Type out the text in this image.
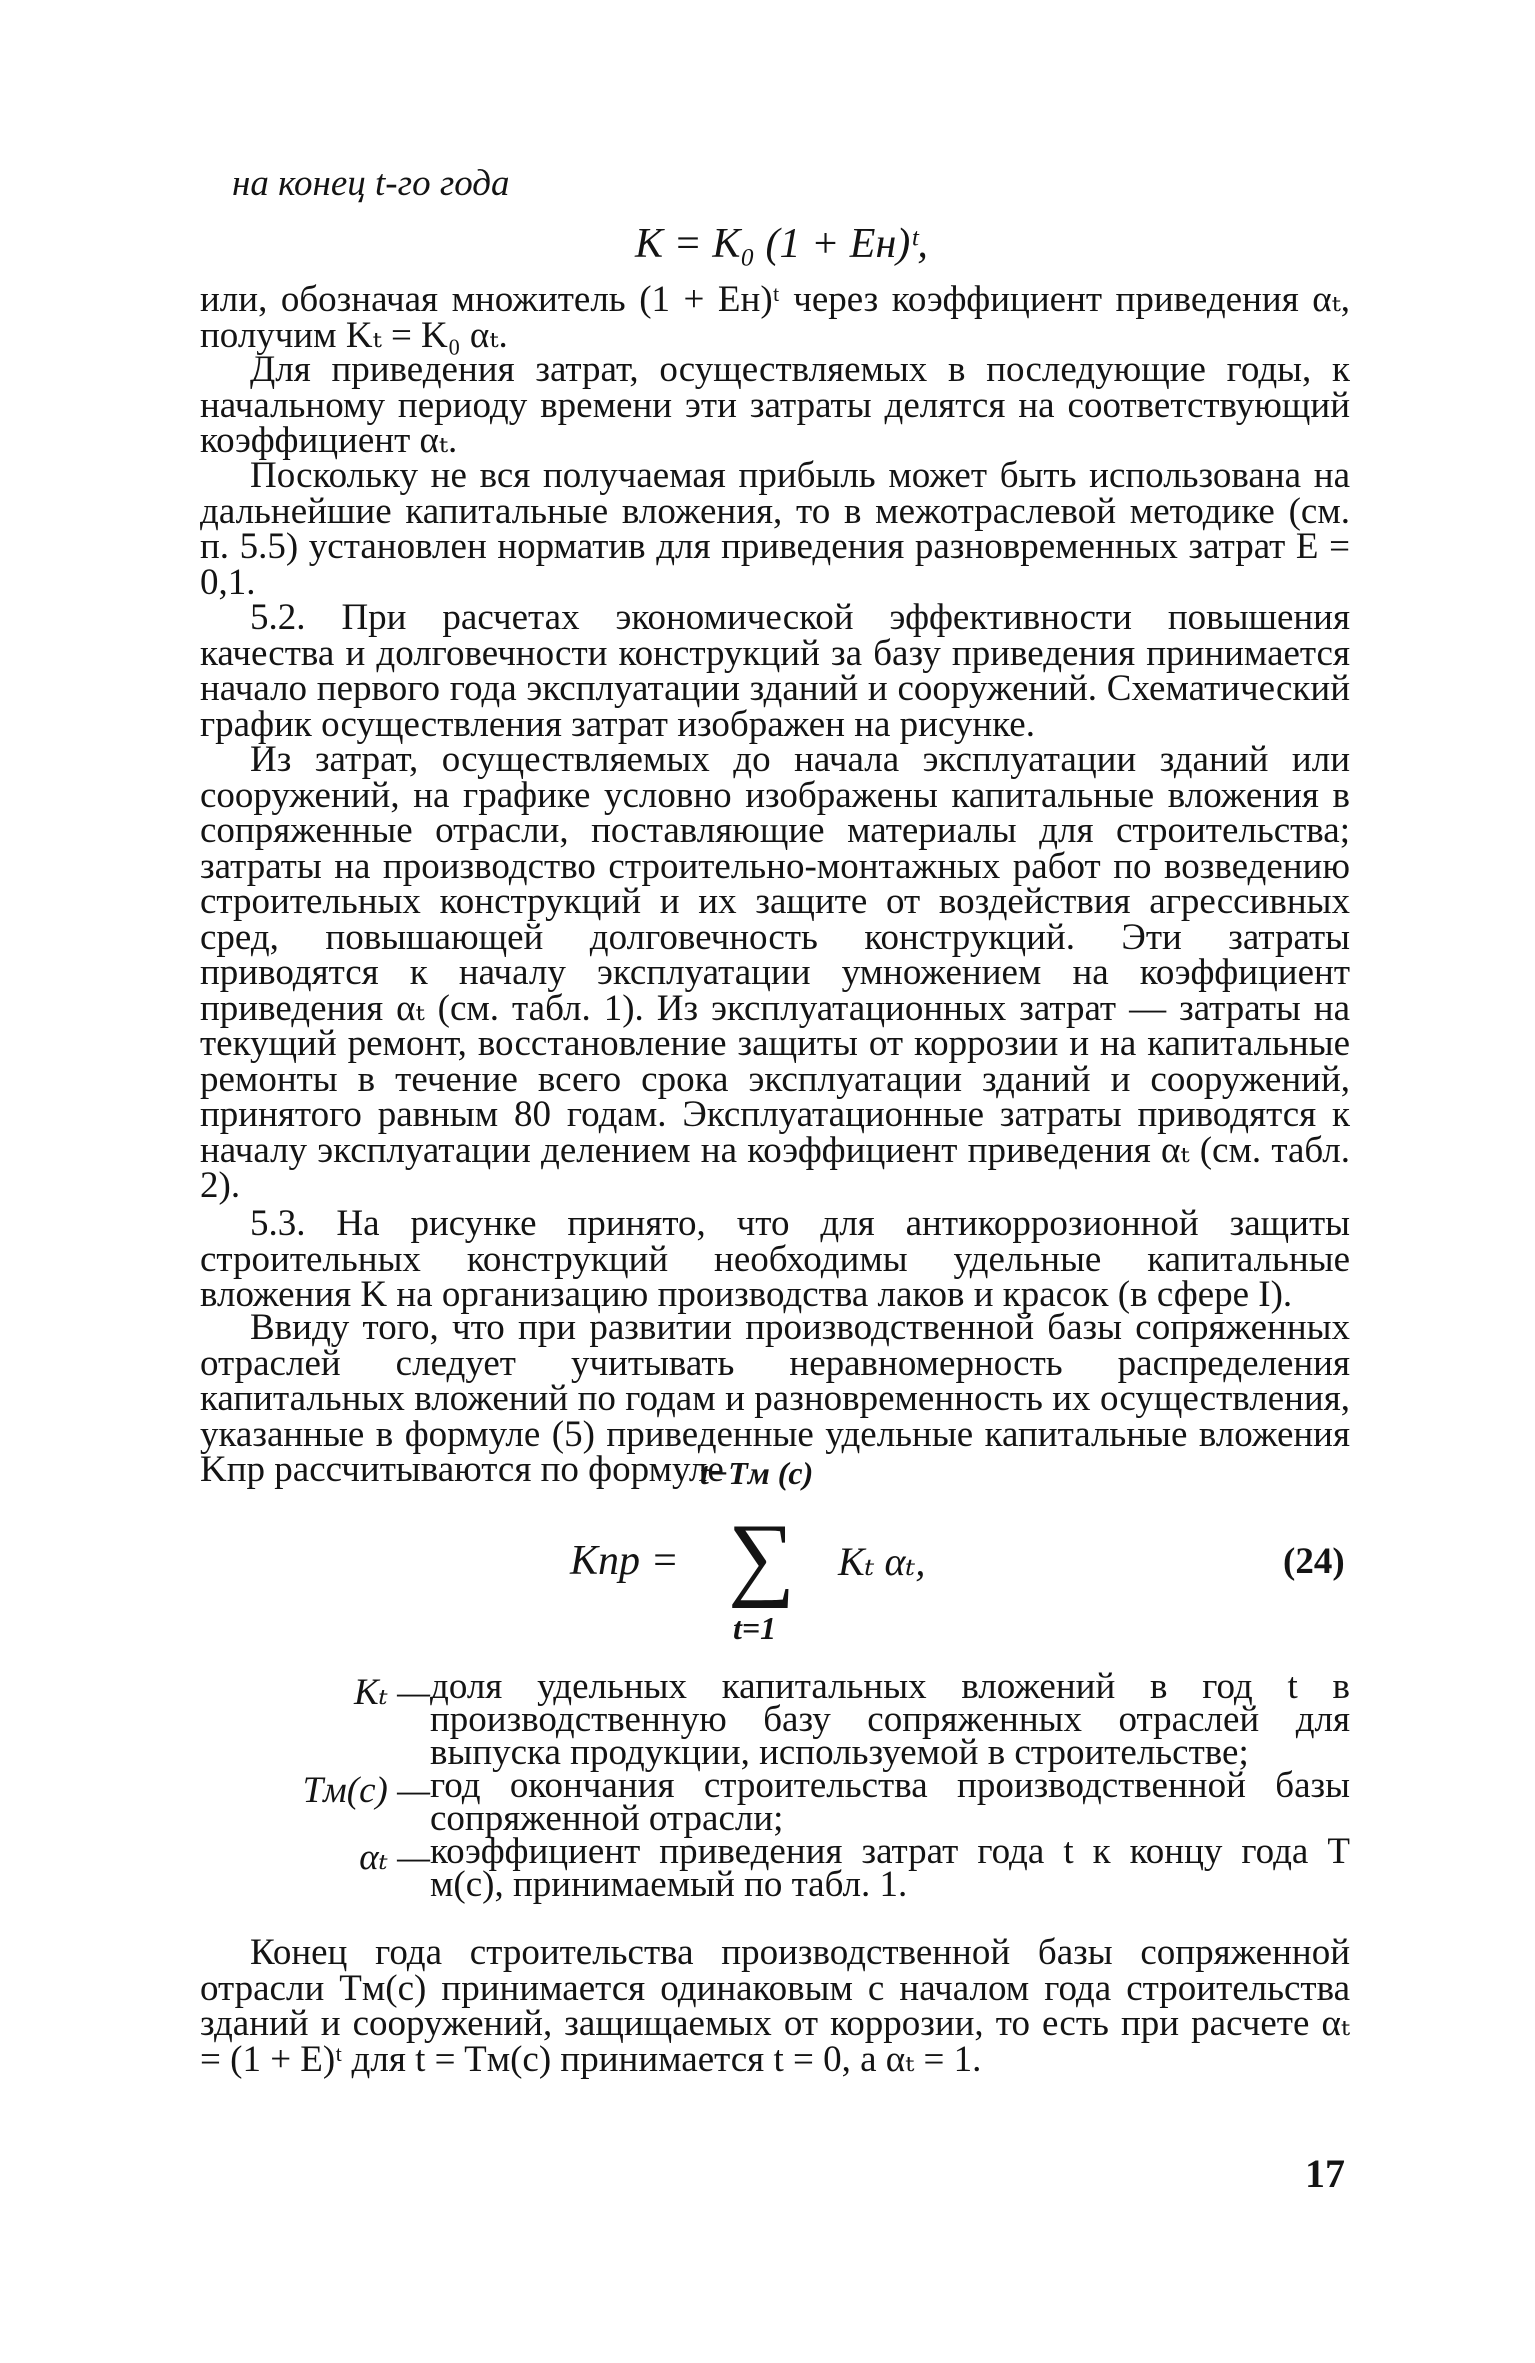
на конец t-го года

K = K₀ (1 + Eн)ᵗ,

или, обозначая множитель (1 + Eн)ᵗ через коэффициент приведения αₜ, получим Kₜ = K₀ αₜ.

Для приведения затрат, осуществляемых в последующие годы, к начальному периоду времени эти затраты делятся на соответствующий коэффициент αₜ.

Поскольку не вся получаемая прибыль может быть использована на дальнейшие капитальные вложения, то в межотраслевой методике (см. п. 5.5) установлен норматив для приведения разновременных затрат E = 0,1.

5.2. При расчетах экономической эффективности повышения качества и долговечности конструкций за базу приведения принимается начало первого года эксплуатации зданий и сооружений. Схематический график осуществления затрат изображен на рисунке.

Из затрат, осуществляемых до начала эксплуатации зданий или сооружений, на графике условно изображены капитальные вложения в сопряженные отрасли, поставляющие материалы для строительства; затраты на производство строительно-монтажных работ по возведению строительных конструкций и их защите от воздействия агрессивных сред, повышающей долговечность конструкций. Эти затраты приводятся к началу эксплуатации умножением на коэффициент приведения αₜ (см. табл. 1). Из эксплуатационных затрат — затраты на текущий ремонт, восстановление защиты от коррозии и на капитальные ремонты в течение всего срока эксплуатации зданий и сооружений, принятого равным 80 годам. Эксплуатационные затраты приводятся к началу эксплуатации делением на коэффициент приведения αₜ (см. табл. 2).

5.3. На рисунке принято, что для антикоррозионной защиты строительных конструкций необходимы удельные капитальные вложения K на организацию производства лаков и красок (в сфере I).

Ввиду того, что при развитии производственной базы сопряженных отраслей следует учитывать неравномерность распределения капитальных вложений по годам и разновременность их осуществления, указанные в формуле (5) приведенные удельные капитальные вложения Kпр рассчитываются по формуле

Kпр =
t−Tм (с)
∑
t=1
Kₜ αₜ,	(24)
Kₜ — доля удельных капитальных вложений в год t в производственную базу сопряженных отраслей для выпуска продукции, используемой в строительстве;

Tм(с) — год окончания строительства производственной базы сопряженной отрасли;

αₜ — коэффициент приведения затрат года t к концу года T м(с), принимаемый по табл. 1.

Конец года строительства производственной базы сопряженной отрасли Tм(с) принимается одинаковым с началом года строительства зданий и сооружений, защищаемых от коррозии, то есть при расчете αₜ = (1 + E)ᵗ для t = Tм(с) принимается t = 0, а αₜ = 1.

17
